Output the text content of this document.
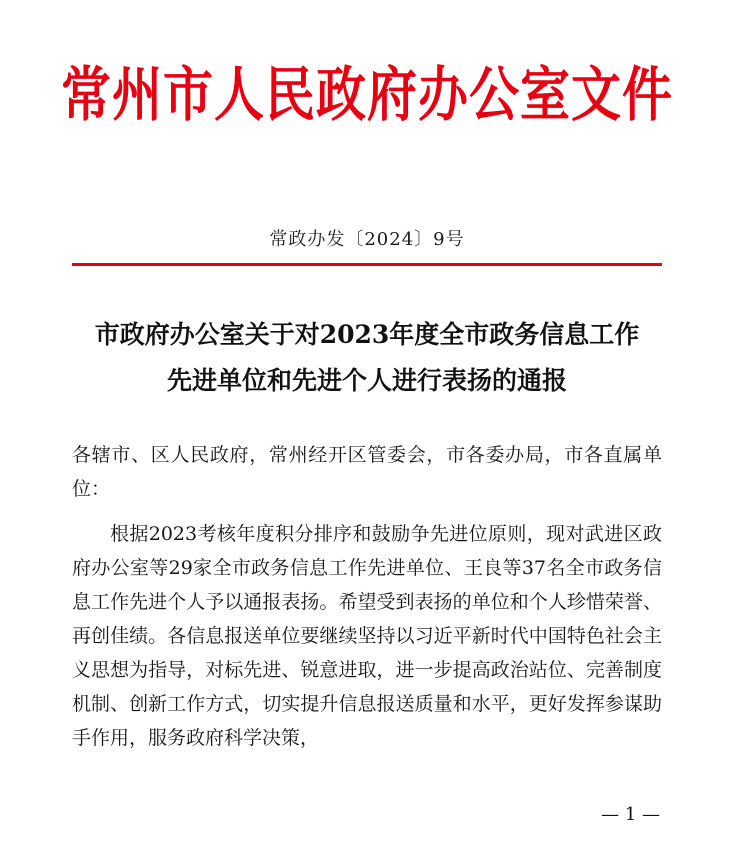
常州市人民政府办公室文件
常政办发〔2024〕9号
市政府办公室关于对2023年度全市政务信息工作
先进单位和先进个人进行表扬的通报
各辖市、区人民政府，常州经开区管委会，市各委办局，市各直属单位：
根据2023考核年度积分排序和鼓励争先进位原则，现对武进区政府办公室等29家全市政务信息工作先进单位、王良等37名全市政务信息工作先进个人予以通报表扬。希望受到表扬的单位和个人珍惜荣誉、再创佳绩。各信息报送单位要继续坚持以习近平新时代中国特色社会主义思想为指导，对标先进、锐意进取，进一步提高政治站位、完善制度机制、创新工作方式，切实提升信息报送质量和水平，更好发挥参谋助手作用，服务政府科学决策，
— 1 —
